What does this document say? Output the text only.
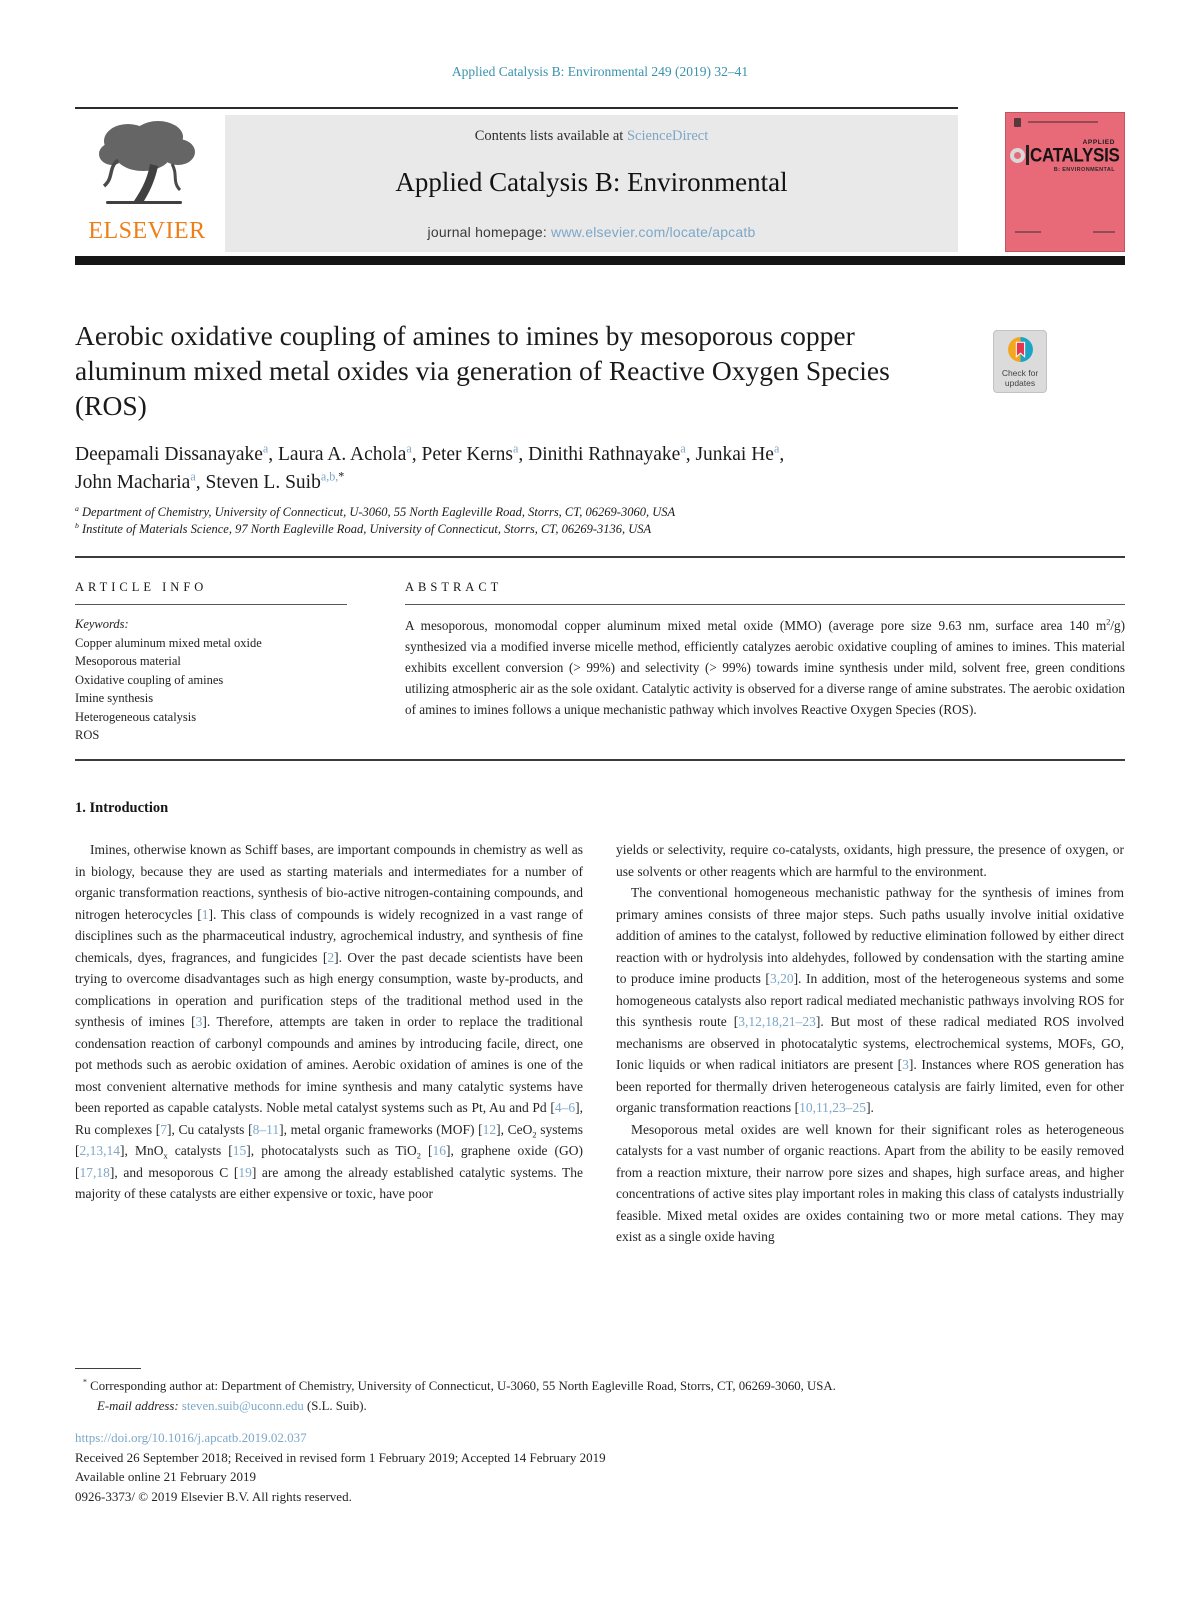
Applied Catalysis B: Environmental 249 (2019) 32–41
ELSEVIER
Contents lists available at ScienceDirect
Applied Catalysis B: Environmental
journal homepage: www.elsevier.com/locate/apcatb
APPLIED
CATALYSIS
B: ENVIRONMENTAL
Aerobic oxidative coupling of amines to imines by mesoporous copper aluminum mixed metal oxides via generation of Reactive Oxygen Species (ROS)
Check for
updates
Deepamali Dissanayake$^a$, Laura A. Achola$^a$, Peter Kerns$^a$, Dinithi Rathnayake$^a$, Junkai He$^a$,
John Macharia$^a$, Steven L. Suib$^{a,b,*}$
$^a$ Department of Chemistry, University of Connecticut, U-3060, 55 North Eagleville Road, Storrs, CT, 06269-3060, USA
$^b$ Institute of Materials Science, 97 North Eagleville Road, University of Connecticut, Storrs, CT, 06269-3136, USA
ARTICLE INFO
Keywords:
Copper aluminum mixed metal oxide
Mesoporous material
Oxidative coupling of amines
Imine synthesis
Heterogeneous catalysis
ROS
ABSTRACT
A mesoporous, monomodal copper aluminum mixed metal oxide (MMO) (average pore size 9.63 nm, surface area 140 $m^2/g$) synthesized via a modified inverse micelle method, efficiently catalyzes aerobic oxidative coupling of amines to imines. This material exhibits excellent conversion (> 99%) and selectivity (> 99%) towards imine synthesis under mild, solvent free, green conditions utilizing atmospheric air as the sole oxidant. Catalytic activity is observed for a diverse range of amine substrates. The aerobic oxidation of amines to imines follows a unique mechanistic pathway which involves Reactive Oxygen Species (ROS).
1. Introduction

Imines, otherwise known as Schiff bases, are important compounds in chemistry as well as in biology, because they are used as starting materials and intermediates for a number of organic transformation reactions, synthesis of bio-active nitrogen-containing compounds, and nitrogen heterocycles [1]. This class of compounds is widely recognized in a vast range of disciplines such as the pharmaceutical industry, agrochemical industry, and synthesis of fine chemicals, dyes, fragrances, and fungicides [2]. Over the past decade scientists have been trying to overcome disadvantages such as high energy consumption, waste by-products, and complications in operation and purification steps of the traditional method used in the synthesis of imines [3]. Therefore, attempts are taken in order to replace the traditional condensation reaction of carbonyl compounds and amines by introducing facile, direct, one pot methods such as aerobic oxidation of amines. Aerobic oxidation of amines is one of the most convenient alternative methods for imine synthesis and many catalytic systems have been reported as capable catalysts. Noble metal catalyst systems such as Pt, Au and Pd [4–6], Ru complexes [7], Cu catalysts [8–11], metal organic frameworks (MOF) [12], CeO$_2$ systems [2,13,14], MnO$_x$ catalysts [15], photocatalysts such as TiO$_2$ [16], graphene oxide (GO) [17,18], and mesoporous C [19] are among the already established catalytic systems. The majority of these catalysts are either expensive or toxic, have poor

yields or selectivity, require co-catalysts, oxidants, high pressure, the presence of oxygen, or use solvents or other reagents which are harmful to the environment.

The conventional homogeneous mechanistic pathway for the synthesis of imines from primary amines consists of three major steps. Such paths usually involve initial oxidative addition of amines to the catalyst, followed by reductive elimination followed by either direct reaction with or hydrolysis into aldehydes, followed by condensation with the starting amine to produce imine products [3,20]. In addition, most of the heterogeneous systems and some homogeneous catalysts also report radical mediated mechanistic pathways involving ROS for this synthesis route [3,12,18,21–23]. But most of these radical mediated ROS involved mechanisms are observed in photocatalytic systems, electrochemical systems, MOFs, GO, Ionic liquids or when radical initiators are present [3]. Instances where ROS generation has been reported for thermally driven heterogeneous catalysis are fairly limited, even for other organic transformation reactions [10,11,23–25].

Mesoporous metal oxides are well known for their significant roles as heterogeneous catalysts for a vast number of organic reactions. Apart from the ability to be easily removed from a reaction mixture, their narrow pore sizes and shapes, high surface areas, and higher concentrations of active sites play important roles in making this class of catalysts industrially feasible. Mixed metal oxides are oxides containing two or more metal cations. They may exist as a single oxide having

* Corresponding author at: Department of Chemistry, University of Connecticut, U-3060, 55 North Eagleville Road, Storrs, CT, 06269-3060, USA.
E-mail address: steven.suib@uconn.edu (S.L. Suib).
https://doi.org/10.1016/j.apcatb.2019.02.037
Received 26 September 2018; Received in revised form 1 February 2019; Accepted 14 February 2019
Available online 21 February 2019
0926-3373/ © 2019 Elsevier B.V. All rights reserved.
